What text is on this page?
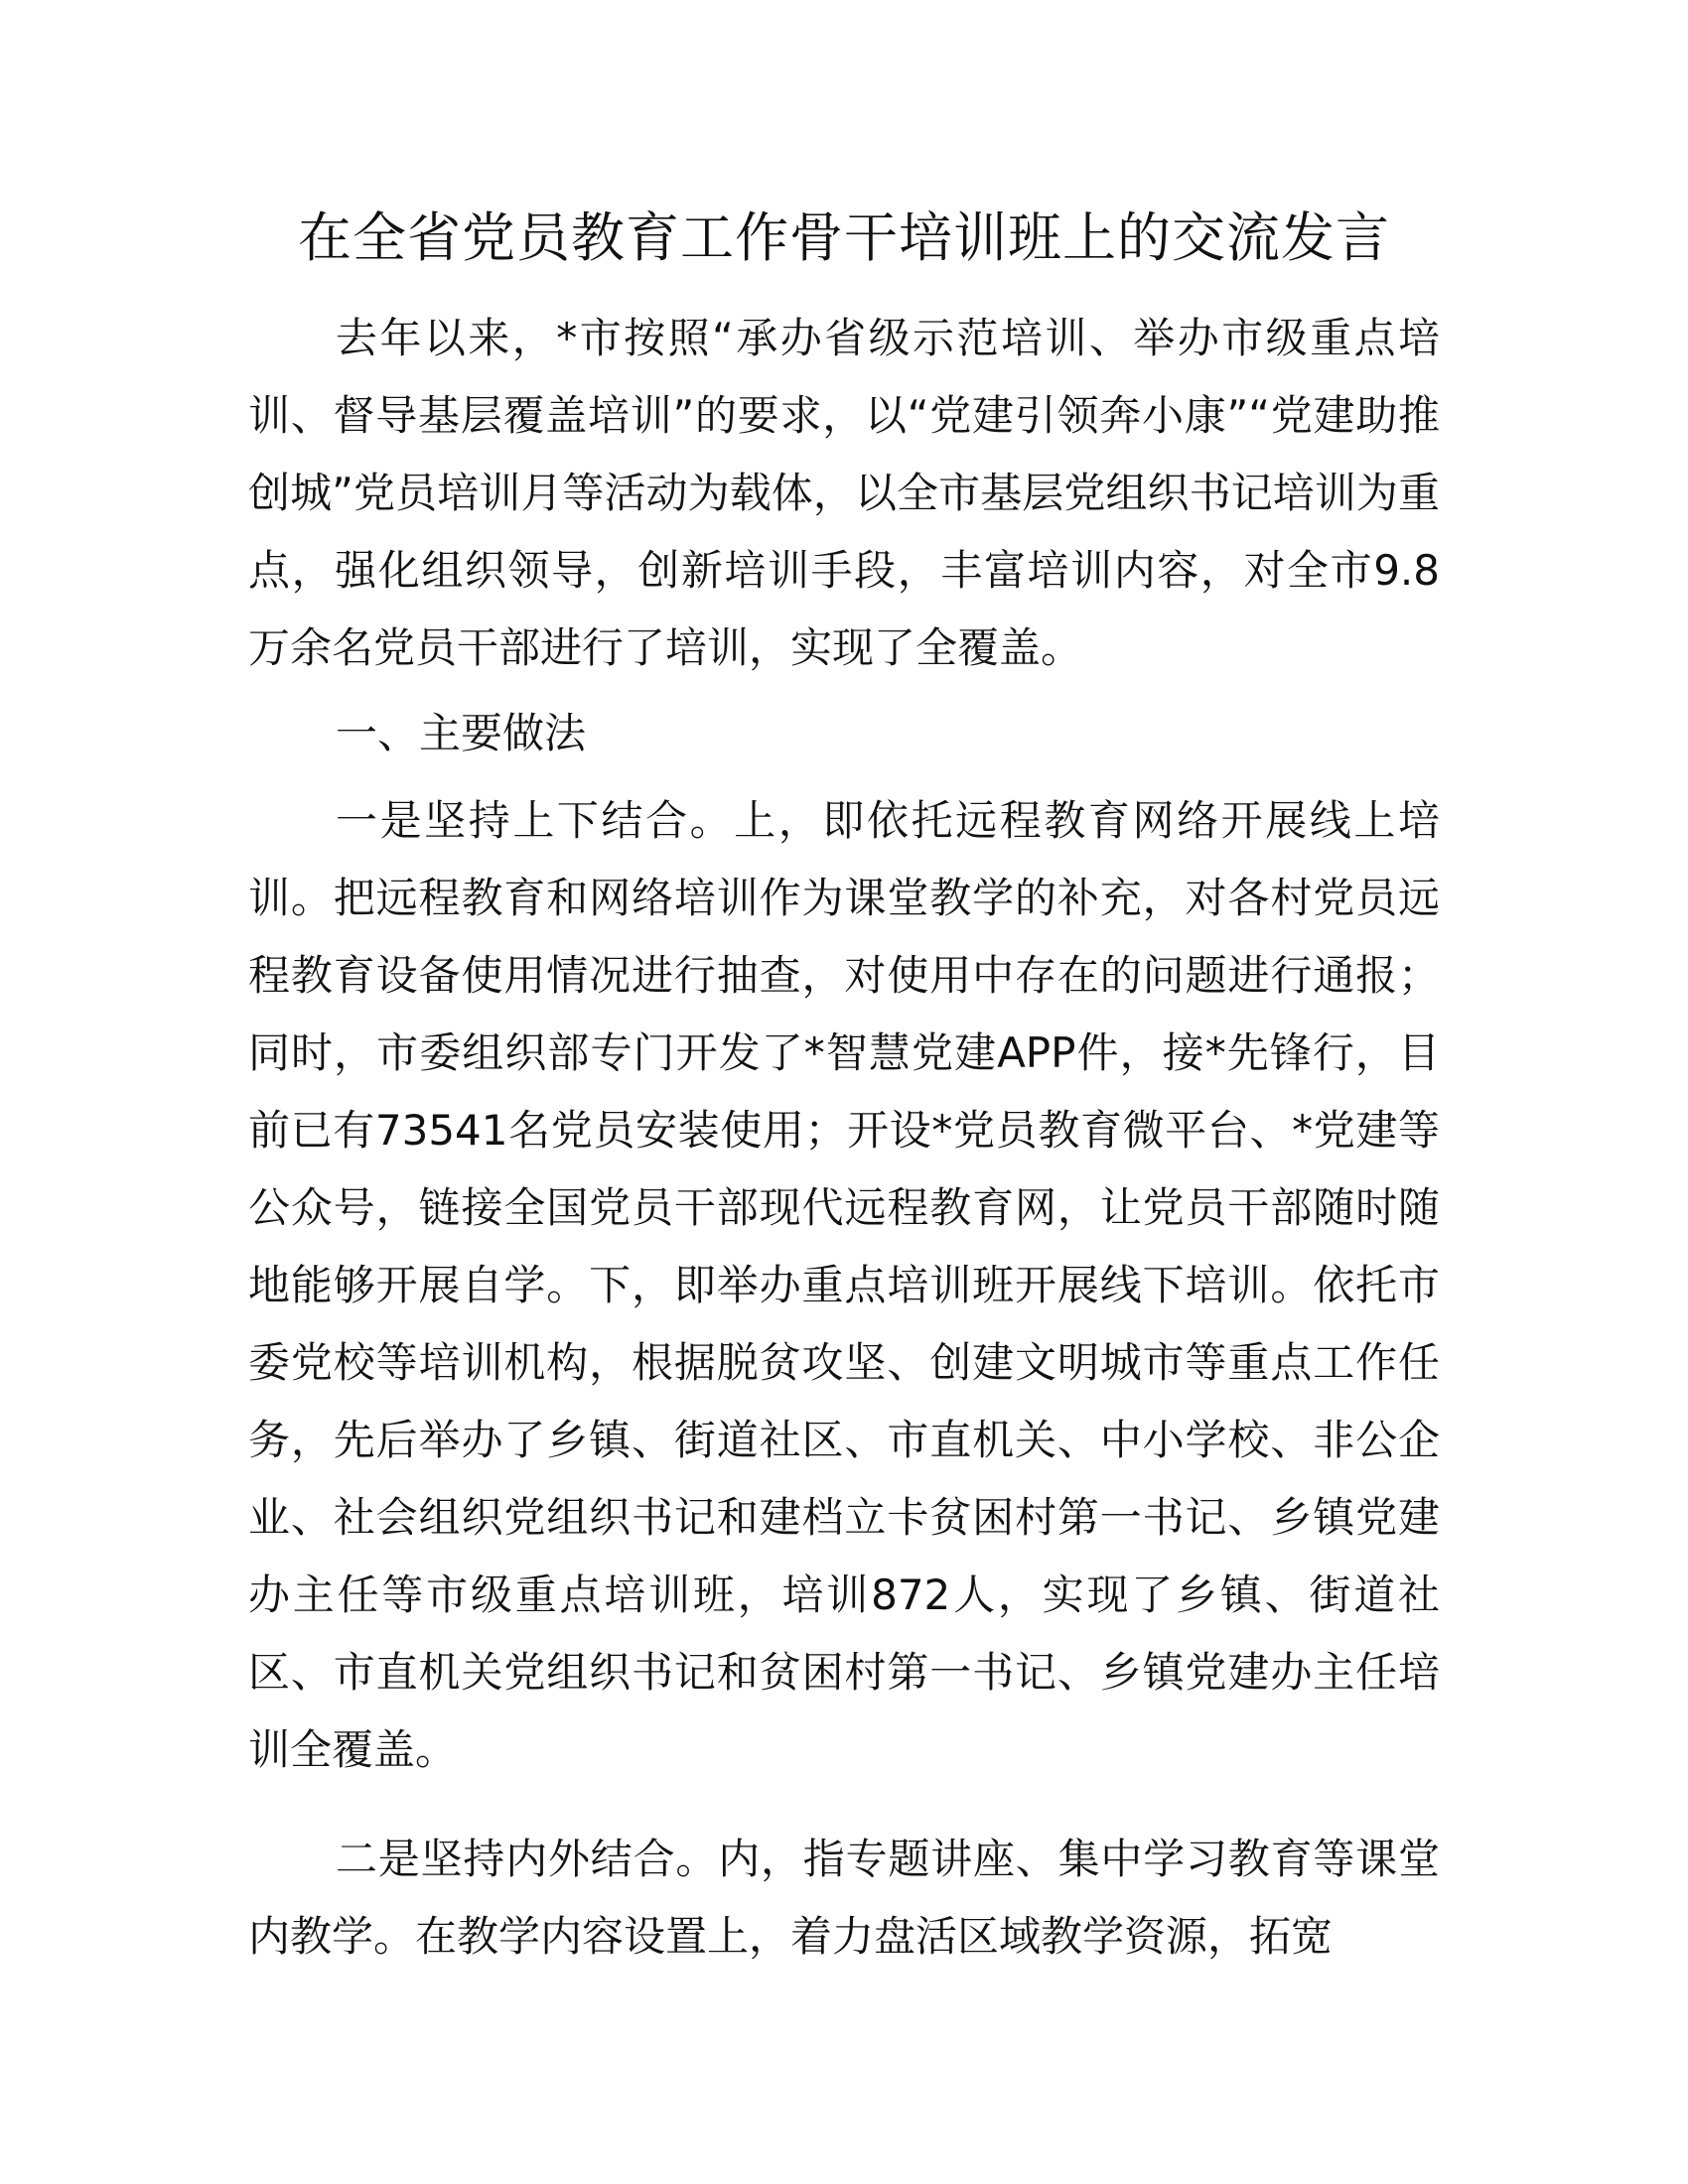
在全省党员教育工作骨干培训班上的交流发言

去年以来，*市按照“承办省级示范培训、举办市级重点培训、督导基层覆盖培训”的要求，以“党建引领奔小康”“党建助推创城”党员培训月等活动为载体，以全市基层党组织书记培训为重点，强化组织领导，创新培训手段，丰富培训内容，对全市9.8万余名党员干部进行了培训，实现了全覆盖。

一、主要做法

一是坚持上下结合。上，即依托远程教育网络开展线上培训。把远程教育和网络培训作为课堂教学的补充，对各村党员远程教育设备使用情况进行抽查，对使用中存在的问题进行通报；同时，市委组织部专门开发了*智慧党建APP件，接*先锋行，目前已有73541名党员安装使用；开设*党员教育微平台、*党建等公众号，链接全国党员干部现代远程教育网，让党员干部随时随地能够开展自学。下，即举办重点培训班开展线下培训。依托市委党校等培训机构，根据脱贫攻坚、创建文明城市等重点工作任务，先后举办了乡镇、街道社区、市直机关、中小学校、非公企业、社会组织党组织书记和建档立卡贫困村第一书记、乡镇党建办主任等市级重点培训班，培训872人，实现了乡镇、街道社区、市直机关党组织书记和贫困村第一书记、乡镇党建办主任培训全覆盖。

二是坚持内外结合。内，指专题讲座、集中学习教育等课堂内教学。在教学内容设置上，着力盘活区域教学资源，拓宽
